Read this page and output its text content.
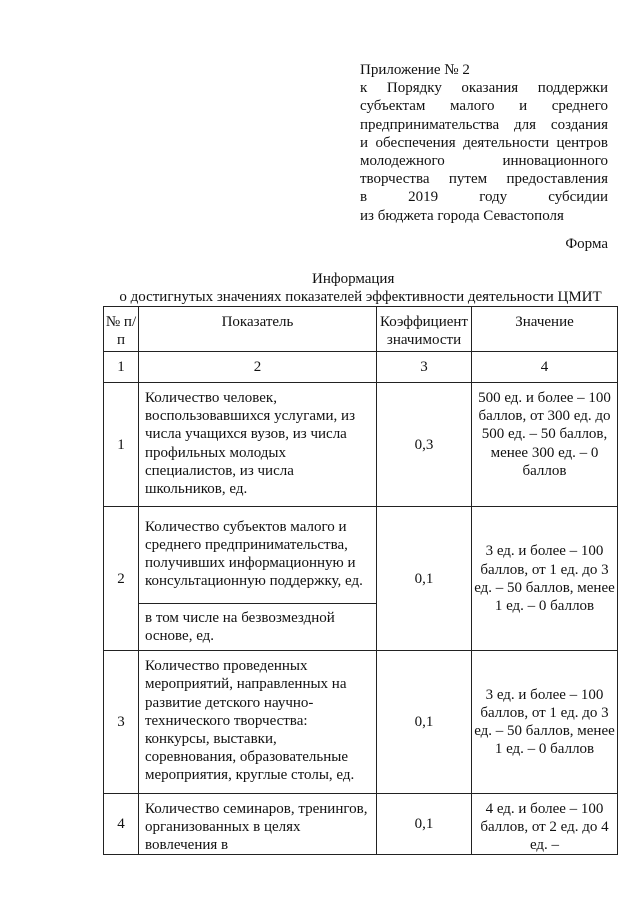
Приложение № 2
к Порядку оказания поддержки
субъектам малого и среднего
предпринимательства для создания
и обеспечения деятельности центров
молодежного инновационного
творчества путем предоставления
в 2019 году субсидии
из бюджета города Севастополя
Форма
Информация
о достигнутых значениях показателей эффективности деятельности ЦМИТ
№ п/п	Показатель	Коэффициент значимости	Значение

1	2	3	4
1	Количество человек, воспользовавшихся услугами, из числа учащихся вузов, из числа профильных молодых специалистов, из числа школьников, ед.	0,3	500 ед. и более – 100 баллов, от 300 ед. до 500 ед. – 50 баллов, менее 300 ед. – 0 баллов
2	Количество субъектов малого и среднего предпринимательства, получивших информационную и консультационную поддержку, ед.	0,1	3 ед. и более – 100 баллов, от 1 ед. до 3 ед. – 50 баллов, менее 1 ед. – 0 баллов
	в том числе на безвозмездной основе, ед.		
3	Количество проведенных мероприятий, направленных на развитие детского научно-технического творчества: конкурсы, выставки, соревнования, образовательные мероприятия, круглые столы, ед.	0,1	3 ед. и более – 100 баллов, от 1 ед. до 3 ед. – 50 баллов, менее 1 ед. – 0 баллов
4	Количество семинаров, тренингов, организованных в целях вовлечения в	0,1	4 ед. и более – 100 баллов, от 2 ед. до 4 ед. –
